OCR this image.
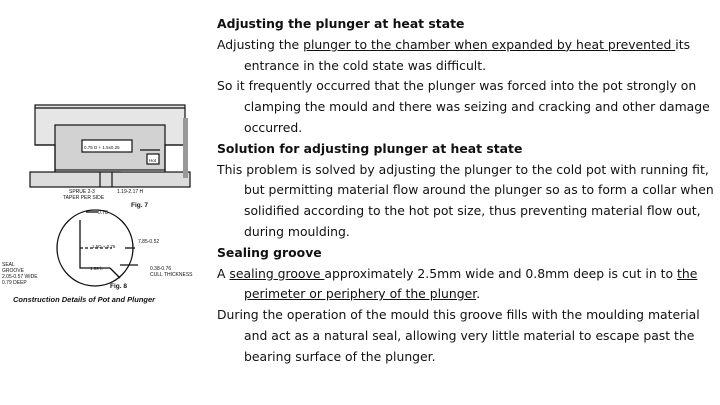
0.75 D + 1.5x0.25
SPRUE 2-3
TAPER PER SIDE
1.19-2.17 H
Fig. 7
Hot
0.78
7.85-0.52
1.5D + 0.76
1.59 h
SEAL
GROOVE
2.05-0.57 WIDE
0.79 DEEP
0.38-0.76
CULL THICKNESS
Fig. 8
Construction Details of Pot and Plunger

Adjusting the plunger at heat state

Adjusting the plunger to the chamber when expanded by heat prevented its entrance in the cold state was difficult.

So it frequently occurred that the plunger was forced into the pot strongly on clamping the mould and there was seizing and cracking and other damage occurred.

Solution for adjusting plunger at heat state

This problem is solved by adjusting the plunger to the cold pot with running fit, but permitting material flow around the plunger so as to form a collar when solidified according to the hot pot size, thus preventing material flow out, during moulding.

Sealing groove

A sealing groove approximately 2.5mm wide and 0.8mm deep is cut in to the perimeter or periphery of the plunger.

During the operation of the mould this groove fills with the moulding material and act as a natural seal, allowing very little material to escape past the bearing surface of the plunger.
